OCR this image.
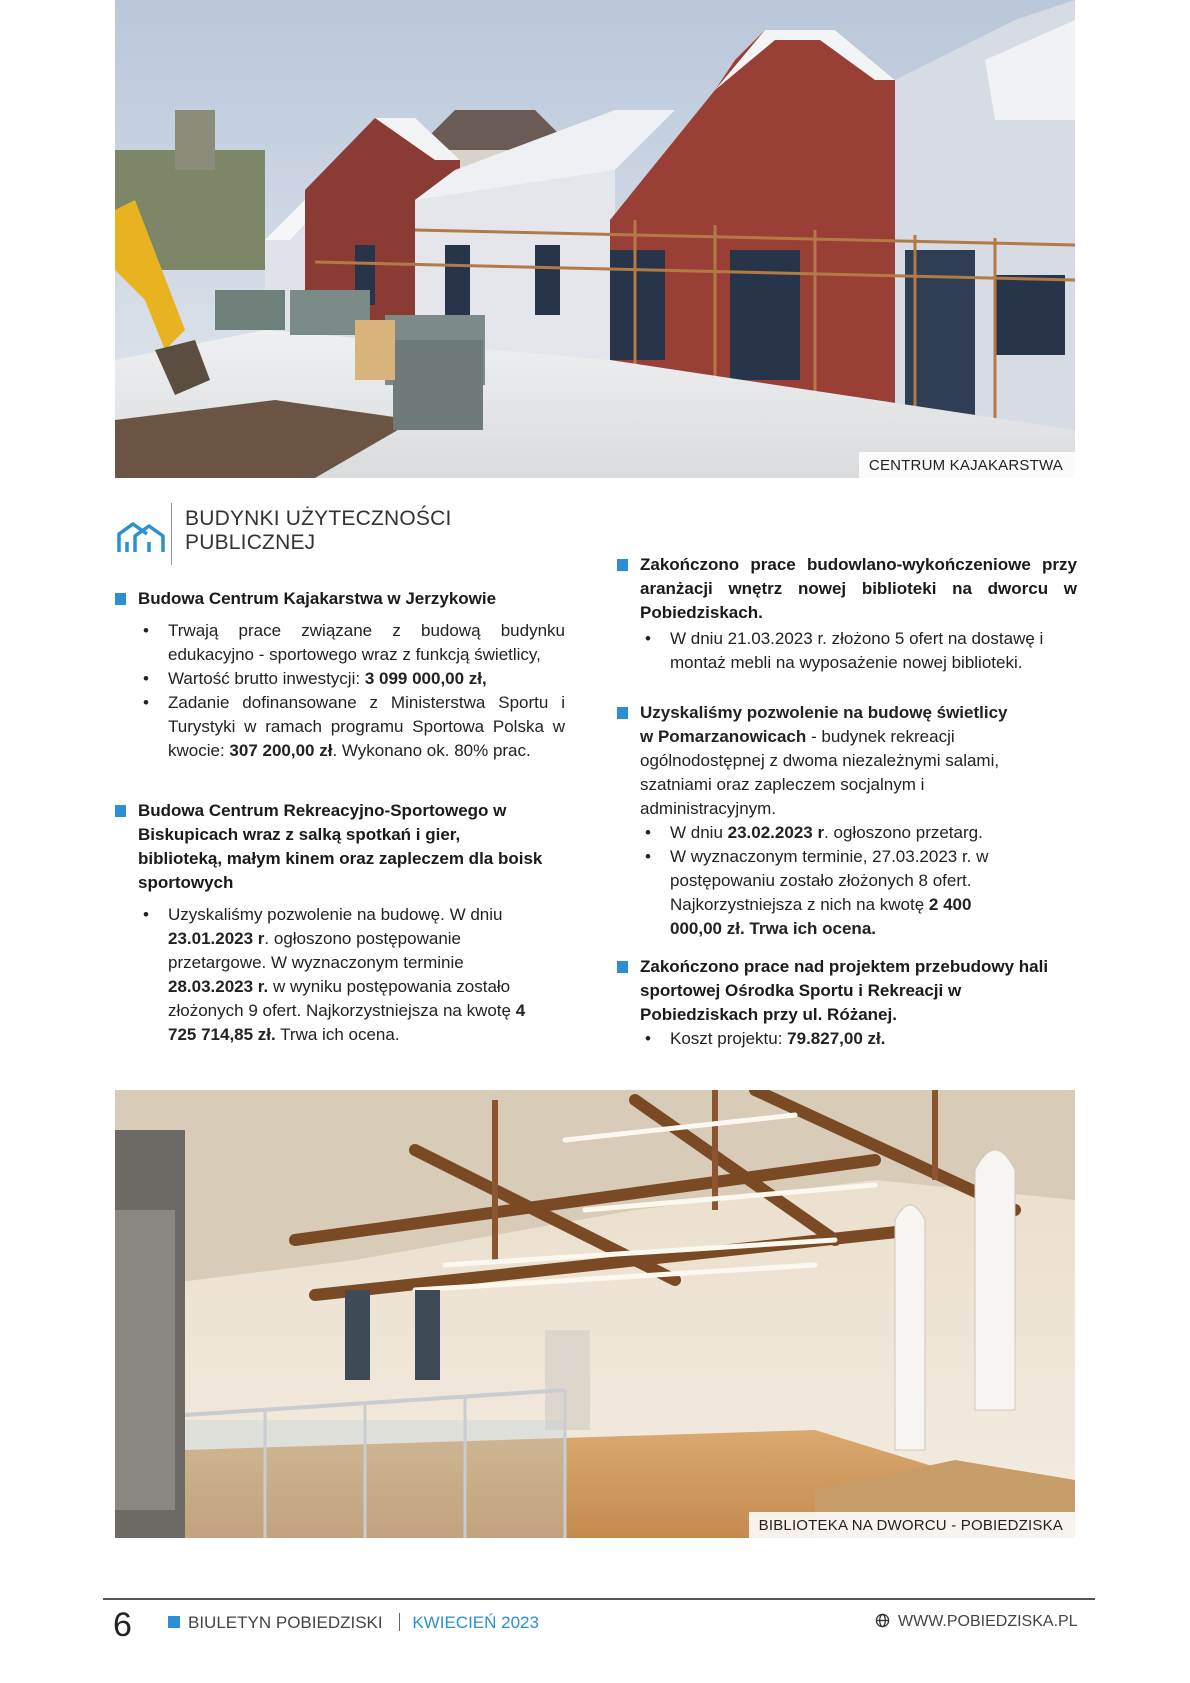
CENTRUM KAJAKARSTWA
BUDYNKI UŻYTECZNOŚCI
PUBLICZNEJ
Budowa Centrum Kajakarstwa w Jerzykowie
• Trwają prace związane z budową budynku edukacyjno - sportowego wraz z funkcją świetlicy,
• Wartość brutto inwestycji: 3 099 000,00 zł,
• Zadanie dofinansowane z Ministerstwa Sportu i Turystyki w ramach programu Sportowa Polska w kwocie: 307 200,00 zł. Wykonano ok. 80% prac.
Budowa Centrum Rekreacyjno-Sportowego w Biskupicach wraz z salką spotkań i gier, biblioteką, małym kinem oraz zapleczem dla boisk sportowych
• Uzyskaliśmy pozwolenie na budowę. W dniu 23.01.2023 r. ogłoszono postępowanie przetargowe. W wyznaczonym terminie 28.03.2023 r. w wyniku postępowania zostało złożonych 9 ofert. Najkorzystniejsza na kwotę 4 725 714,85 zł. Trwa ich ocena.
Zakończono prace budowlano-wykończeniowe przy aranżacji wnętrz nowej biblioteki na dworcu w Pobiedziskach.
• W dniu 21.03.2023 r. złożono 5 ofert na dostawę i montaż mebli na wyposażenie nowej biblioteki.
Uzyskaliśmy pozwolenie na budowę świetlicy w Pomarzanowicach - budynek rekreacji ogólnodostępnej z dwoma niezależnymi salami, szatniami oraz zapleczem socjalnym i administracyjnym.
• W dniu 23.02.2023 r. ogłoszono przetarg.
• W wyznaczonym terminie, 27.03.2023 r. w postępowaniu zostało złożonych 8 ofert. Najkorzystniejsza z nich na kwotę 2 400 000,00 zł. Trwa ich ocena.
Zakończono prace nad projektem przebudowy hali sportowej Ośrodka Sportu i Rekreacji w Pobiedziskach przy ul. Różanej.
• Koszt projektu: 79.827,00 zł.
BIBLIOTEKA NA DWORCU - POBIEDZISKA
6	BIULETYN POBIEDZISKI KWIECIEŃ 2023	WWW.POBIEDZISKA.PL
